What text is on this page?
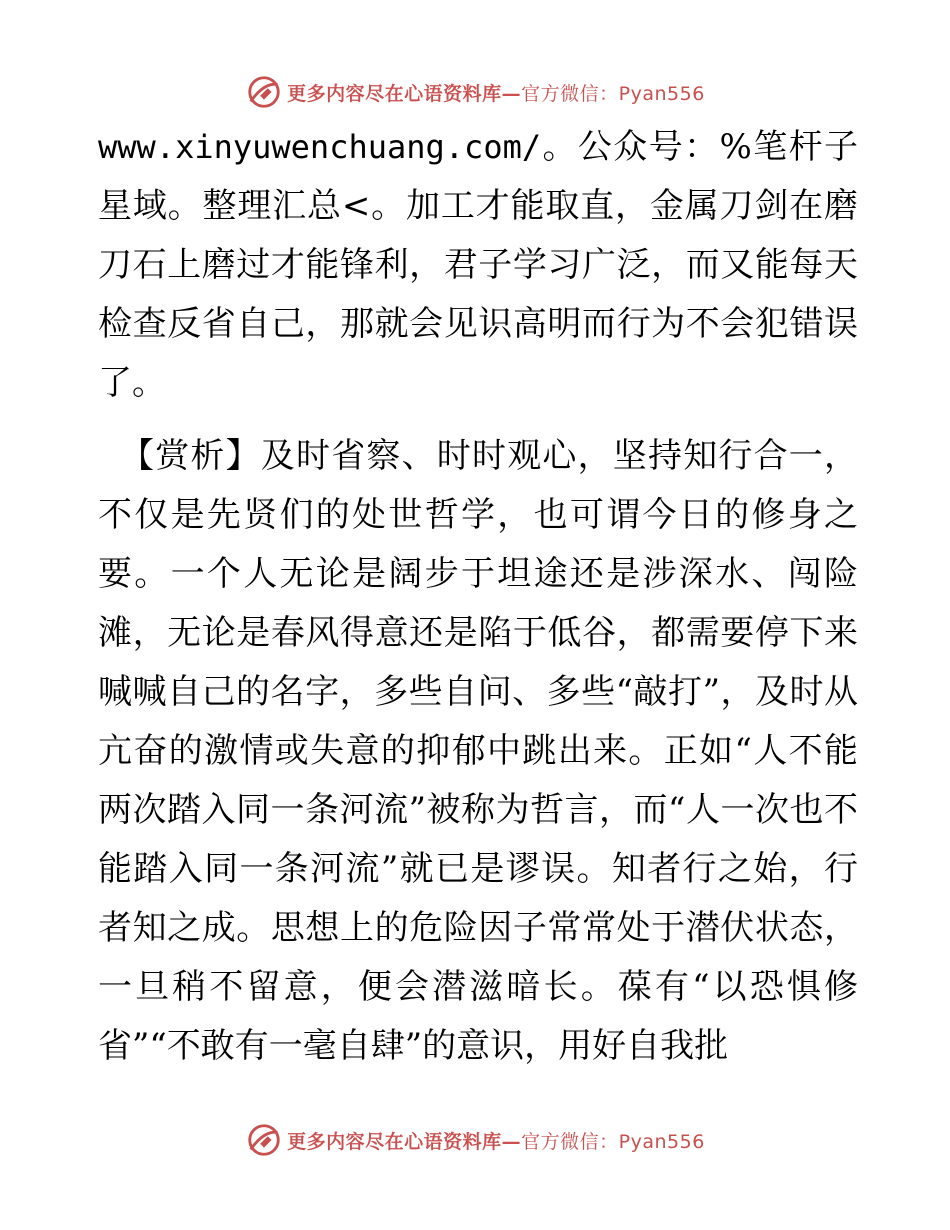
更多内容尽在心语资料库—官方微信：Pyan556

www.xinyuwenchuang.com/。公众号：%笔杆子星域。整理汇总<。加工才能取直，金属刀剑在磨刀石上磨过才能锋利，君子学习广泛，而又能每天检查反省自己，那就会见识高明而行为不会犯错误了。

【赏析】及时省察、时时观心，坚持知行合一，不仅是先贤们的处世哲学，也可谓今日的修身之要。一个人无论是阔步于坦途还是涉深水、闯险滩，无论是春风得意还是陷于低谷，都需要停下来喊喊自己的名字，多些自问、多些“敲打”，及时从亢奋的激情或失意的抑郁中跳出来。正如“人不能两次踏入同一条河流”被称为哲言，而“人一次也不能踏入同一条河流”就已是谬误。知者行之始，行者知之成。思想上的危险因子常常处于潜伏状态，一旦稍不留意，便会潜滋暗长。葆有“以恐惧修省”“不敢有一毫自肆”的意识，用好自我批

更多内容尽在心语资料库—官方微信：Pyan556
